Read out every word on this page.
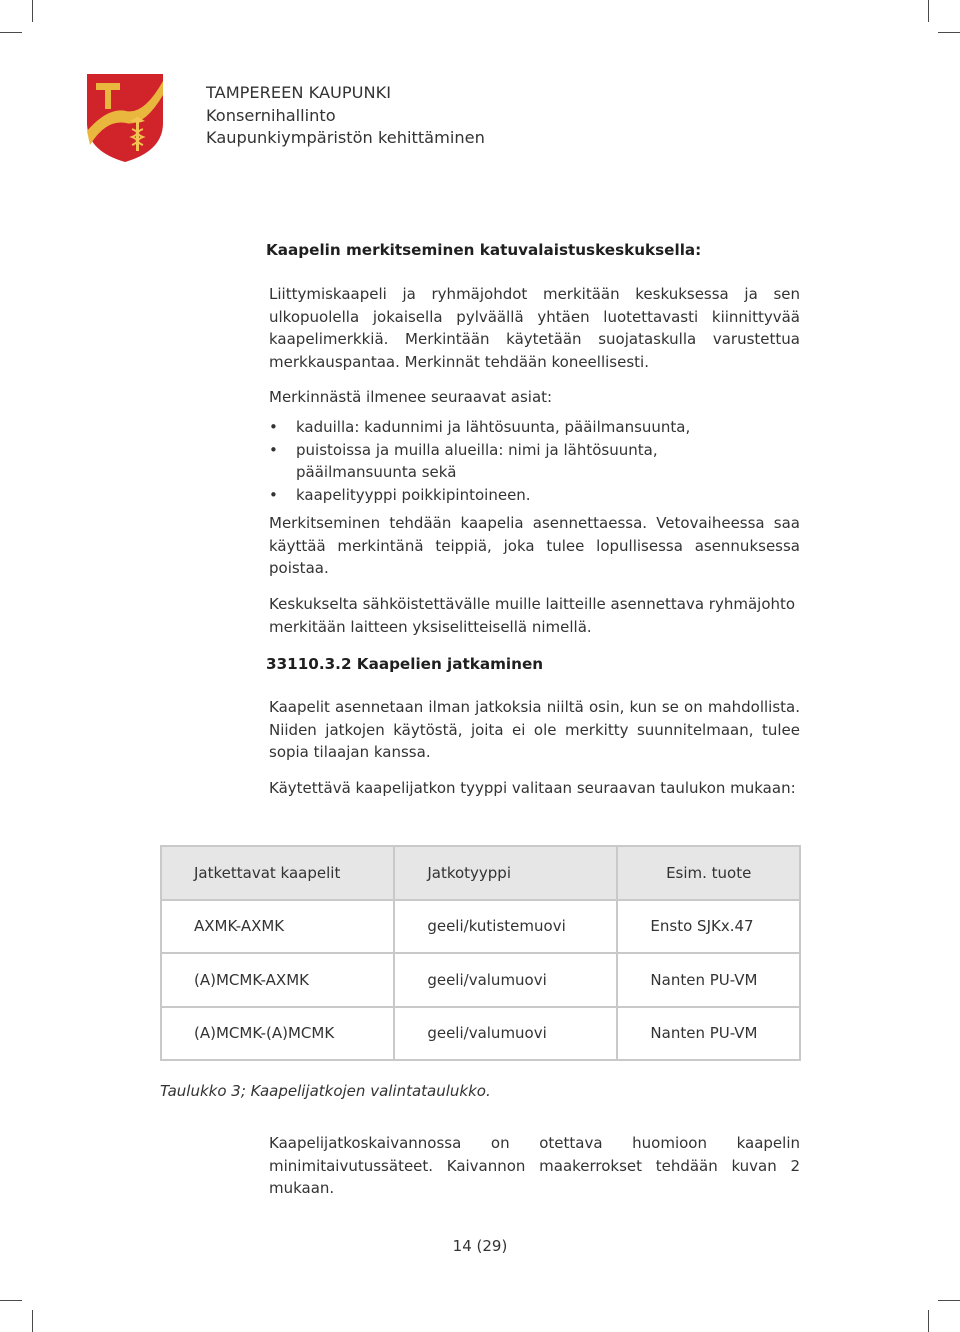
TAMPEREEN KAUPUNKI
Konsernihallinto
Kaupunkiympäristön kehittäminen
Kaapelin merkitseminen katuvalaistuskeskuksella:
Liittymiskaapeli ja ryhmäjohdot merkitään keskuksessa ja sen ulkopuolella jokaisella pylväällä yhtäen luotettavasti kiinnittyvää kaapelimerkkiä. Merkintään käytetään suojataskulla varustettua merkkauspantaa. Merkinnät tehdään koneellisesti.
Merkinnästä ilmenee seuraavat asiat:
• kaduilla: kadunnimi ja lähtösuunta, pääilmansuunta,
• puistoissa ja muilla alueilla: nimi ja lähtösuunta,
pääilmansuunta sekä
• kaapelityyppi poikkipintoineen.
Merkitseminen tehdään kaapelia asennettaessa. Vetovaiheessa saa käyttää merkintänä teippiä, joka tulee lopullisessa asennuksessa poistaa.
Keskukselta sähköistettävälle muille laitteille asennettava ryhmäjohto merkitään laitteen yksiselitteisellä nimellä.
33110.3.2 Kaapelien jatkaminen
Kaapelit asennetaan ilman jatkoksia niiltä osin, kun se on mahdollista. Niiden jatkojen käytöstä, joita ei ole merkitty suunnitelmaan, tulee sopia tilaajan kanssa.
Käytettävä kaapelijatkon tyyppi valitaan seuraavan taulukon mukaan:
Jatkettavat kaapelit	Jatkotyyppi	Esim. tuote
AXMK-AXMK	geeli/kutistemuovi	Ensto SJKx.47
(A)MCMK-AXMK	geeli/valumuovi	Nanten PU-VM
(A)MCMK-(A)MCMK	geeli/valumuovi	Nanten PU-VM
Taulukko 3; Kaapelijatkojen valintataulukko.
Kaapelijatkoskaivannossa on otettava huomioon kaapelin minimitaivutussäteet. Kaivannon maakerrokset tehdään kuvan 2 mukaan.
14 (29)
